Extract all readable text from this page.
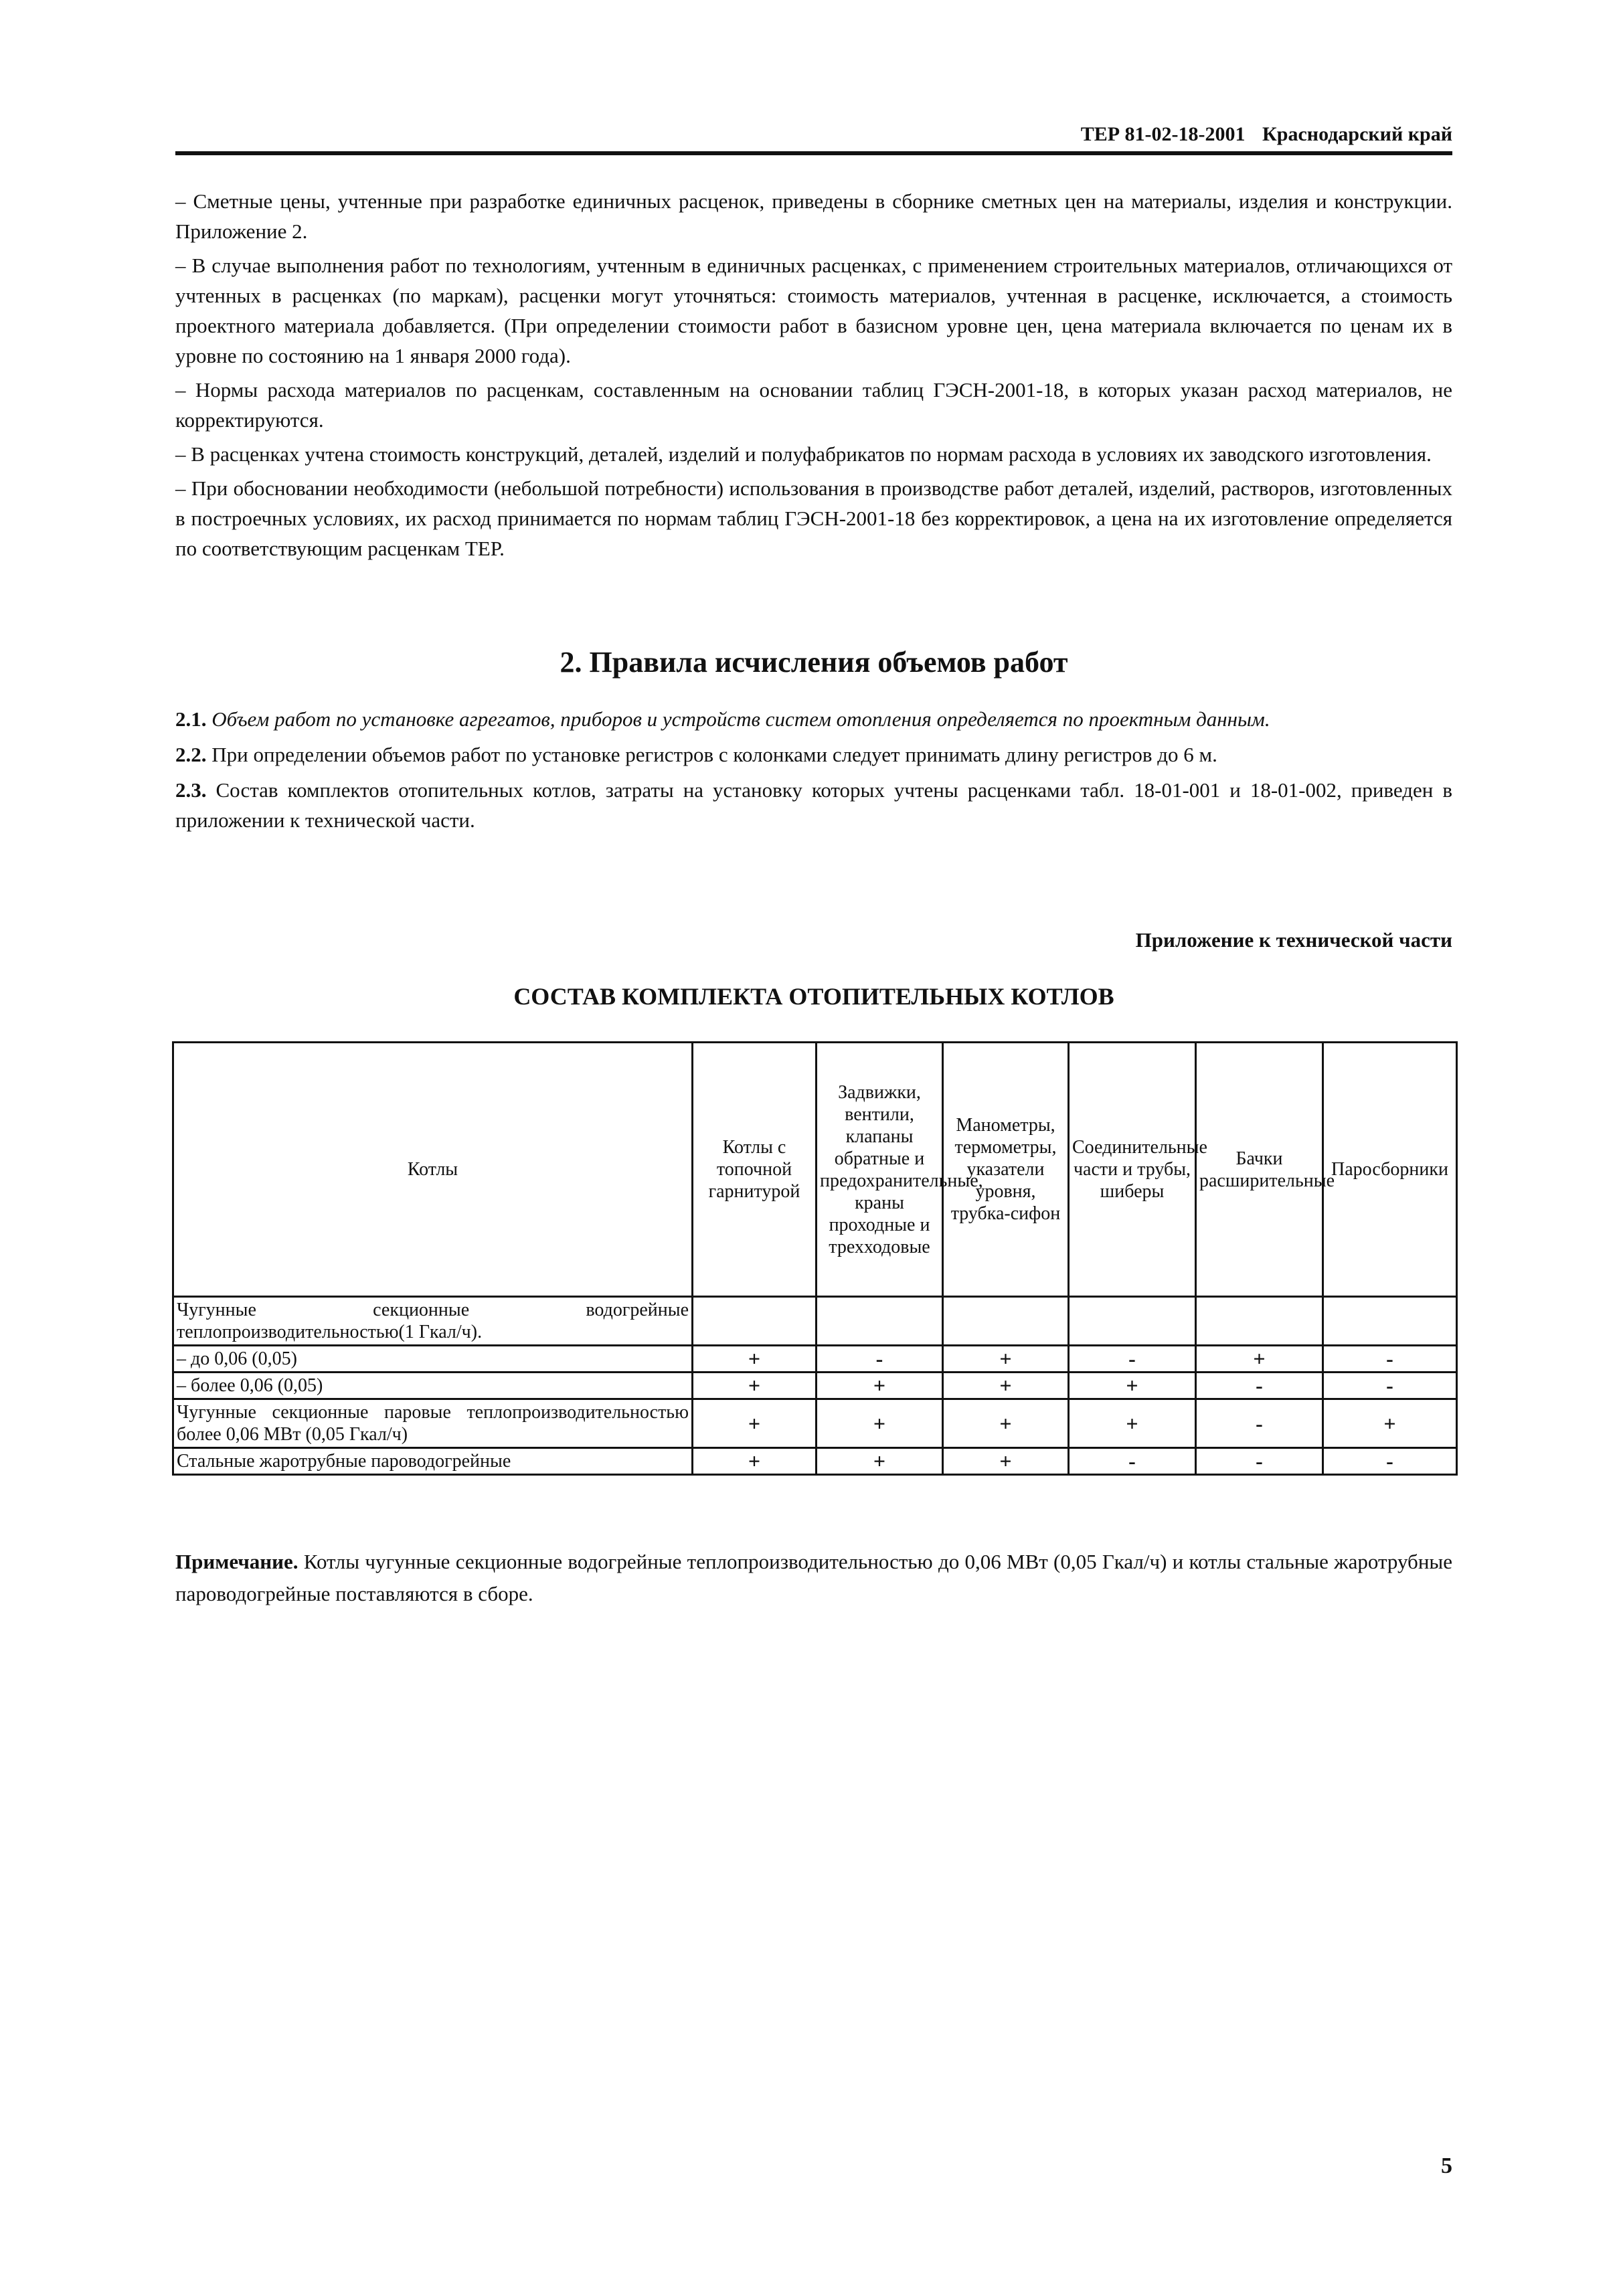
ТЕР 81-02-18-2001 Краснодарский край

– Сметные цены, учтенные при разработке единичных расценок, приведены в сборнике сметных цен на материалы, изделия и конструкции. Приложение 2.

– В случае выполнения работ по технологиям, учтенным в единичных расценках, с применением строительных материалов, отличающихся от учтенных в расценках (по маркам), расценки могут уточняться: стоимость материалов, учтенная в расценке, исключается, а стоимость проектного материала добавляется. (При определении стоимости работ в базисном уровне цен, цена материала включается по ценам их в уровне по состоянию на 1 января 2000 года).

– Нормы расхода материалов по расценкам, составленным на основании таблиц ГЭСН-2001-18, в которых указан расход материалов, не корректируются.

– В расценках учтена стоимость конструкций, деталей, изделий и полуфабрикатов по нормам расхода в условиях их заводского изготовления.

– При обосновании необходимости (небольшой потребности) использования в производстве работ деталей, изделий, растворов, изготовленных в построечных условиях, их расход принимается по нормам таблиц ГЭСН-2001-18 без корректировок, а цена на их изготовление определяется по соответствующим расценкам ТЕР.

2. Правила исчисления объемов работ

2.1. Объем работ по установке агрегатов, приборов и устройств систем отопления определяется по проектным данным.

2.2. При определении объемов работ по установке регистров с колонками следует принимать длину регистров до 6 м.

2.3. Состав комплектов отопительных котлов, затраты на установку которых учтены расценками табл. 18-01-001 и 18-01-002, приведен в приложении к технической части.

Приложение к технической части
СОСТАВ КОМПЛЕКТА ОТОПИТЕЛЬНЫХ КОТЛОВ
Котлы	Котлы с топочной гарнитурой	Задвижки, вентили, клапаны обратные и предохранительные, краны проходные и трехходовые	Манометры, термометры, указатели уровня, трубка-сифон	Соединительные части и трубы, шиберы	Бачки расширительные	Паросборники
Чугунные секционные водогрейные теплопроизводительностью(1 Гкал/ч).						
– до 0,06 (0,05)	+	-	+	-	+	-
– более 0,06 (0,05)	+	+	+	+	-	-
Чугунные секционные паровые теплопроизводительностью более 0,06 МВт (0,05 Гкал/ч)	+	+	+	+	-	+
Стальные жаротрубные пароводогрейные	+	+	+	-	-	-
Примечание. Котлы чугунные секционные водогрейные теплопроизводительностью до 0,06 МВт (0,05 Гкал/ч) и котлы стальные жаротрубные пароводогрейные поставляются в сборе.
5
